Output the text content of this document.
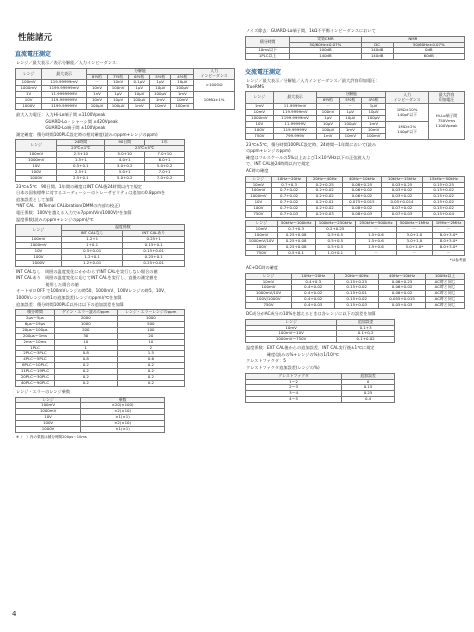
性能諸元
直流電圧測定
レンジ／最大表示／表示分解能／入力インピーダンス：
レンジ	最大表示	分解能					入力
インピーダンス
		8½桁	7½桁	6½桁	5½桁	4½桁	
100mV	119.99999mV	－	10nV	0.1μV	1μV	10μV	>100GΩ
1000mV	1199.99999mV	10nV	100nV	1μV	10μV	100μV	
1V	11.9999999V	1nV	1μV	10μV	100μV	1mV	10MΩ±1%
10V	119.999999V	10nV	10μV	100μV	1mV	10mV	
1000V	1199.99999V	100μV	100μV	1mV	10mV	100mV	
最大入力電圧：入力Hi-Lo端子間 ±1100Vpeak
　　　　　　　GUARD-Lo・シャーシ間 ±420Vpeak
　　　　　　　GUARD-Lo端子間 ±100Vpeak
測定確度：積分時間100PLC設定時の相対確度(読みのppm+レンジのppm)
レンジ	24時間	90日間	1年
	23℃±1℃	23℃±5℃	
100mV	2.5+10	5.0+10	7.0+10
1000mV	1.5+1	4.0+1	6.0+1
10V	0.5+0.1	3.0+0.2	5.0+0.2
100V	2.5+1	5.0+1	7.0+1
1000V	2.5+0.1	5.0+0.2	7.0+0.2
23℃±5℃　90日間、1年間の確度はINT CAL後24時間以内で規定
日本の国家標準に対するエーディーシーのトレーサビリティは追加の0.8ppmを
追加誤差として加算
*INT CAL　INTernal CALibration(DMMの内部の校正)
電圧係数：100Vを越える入力で±7ppm(Vin/1000V)²を加算
温度係数(読みのppm+レンジのppm)/℃
レンジ	温度係数	
	INT CALなし	INT CALあり
100mV	1.2+1	0.25+1
1000mV	1+0.1	0.15+0.1
10V	0.5+0.01	0.15+0.01
100V	1.2+0.1	0.25+0.1
1000V	1.2+0.01	0.25+0.01
INT CALなし　周囲の温度変化にかかわらずINT CALを実行しない場合の値
INT CALあり　周囲の温度変化に応じてINT CALを実行し、直後の測定値を
　　　　　　　使用した場合の値
オートゼロOFF で100mVレンジの時50、1000mV、100Vレンジの時5、10V、
1000Vレンジの時1の追加誤差(レンジのppm)/℃を加算
追加誤差：積分時間100PLC以外は以下の追加誤差を加算
積分時間	ゲイン・エラー読みのppm	レンジ・エラーレンジのppm
2μs～5μs	2000	1000
6μs～19μs	1000	500
20μs～100μs	200	100
200μs～1ms	30	20
2ms～10ms	10	10
1PLC	1	2
2PLC～3PLC	0.8	1.5
4PLC～5PLC	0.8	0.6
6PLC～10PLC	0.2	0.2
11PLC～19PLC	0.2	0.2
20PLC～30PLC	0.2	0.2
40PLC～90PLC	0.2	0.2
レンジ・エラーのレンジ乗数
レンジ	乗数
100mV	×20(×100)
1000mV	×2(×10)
10V	×1(×1)
100V	×2(×10)
1000V	×1(×1)
※（　）内の乗数は積分時間200μs～10ms
ノイズ除去：GUARD-Lo端子間、1kΩ不平衡インピーダンスにおいて
積分時間	実効CMR	NMR	
	50/60Hz±0.07%	DC	50/60Hz±0.07%
10ms以下	100dB	140dB	0dB
1PLC以上	140dB	140dB	60dB
交流電圧測定
レンジ／最大表示／分解能／入力インピーダンス／最大許容印加電圧：
TrueRMS
レンジ	最大表示	分解能			入力
インピーダンス	最大許容
印加電圧
		6½桁	5½桁	4½桁		
1mV	11.9999mV	－	－	1μV	1MΩ±10%
140pF以下	Hi-Lo端子間
750Vrms
1100Vpeak
10mV	119.9999mV	100nV	1μV	10μV		
1000mV	1199.9999mV	1μV	10μV	100μV		
10V	11.99999V	10μV	100μV	1mV	1MΩ±2%
140pF以下	
100V	119.99999V	100μV	1mV	10mV		
750V	799.999V	1mV	10mV	100mV		
23℃±5℃、積分時間100PLC設定時、24時間～1年間において(読み
のppm+レンジのppm)
確度はフルスケールの5%以上および1×10⁷VHz以下の正弦波入力
で、INT CAL後24時間以内で規定
AC時の確度
レンジ	10Hz～20Hz	20Hz～40Hz	40Hz～10kHz	10kHz～15kHz	15kHz～50kHz
10mV	0.7+0.3	0.2+0.25	0.08+0.25	0.03+0.25	0.15+0.25
100mV	0.7+0.02	0.2+0.02	0.06+0.02	0.03+0.02	0.15+0.02
1000mV	0.7+0.02	0.2+0.02	0.06+0.02	0.03+0.02	0.15+0.02
10V	0.7+0.02	0.2+0.01	0.075+0.015	0.05+0.014	0.15+0.02
100V	0.7+0.02	0.2+0.02	0.08+0.02	0.07+0.02	0.15+0.02
750V	0.7+0.03	0.2+0.03	0.08+0.03	0.07+0.03	0.15+0.04
レンジ	50kHz～100kHz	100kHz～250kHz	250kHz～500kHz	500kHz～1MHz	1MHz～2MHz
10mV	0.7+0.3	0.2+0.25	－	－	－
100mV	0.25+0.08	0.5+0.5	1.5+0.6	3.0+1.0	8.0+3.0*
1000mV/10V	0.25+0.08	0.5+0.5	1.5+0.6	3.0+1.0	8.0+3.0*
100V	0.25+0.08	0.5+0.5	1.5+0.6	5.0+1.0*	8.0+3.0*
750V	0.5+0.1	1.0+0.1	－	－	－
*は参考値
AC+DC時の確度
レンジ	10Hz～20Hz	20Hz～40Hz	40Hz～10kHz	100Hz以上
10mV	0.4+0.3	0.15+0.25	0.06+0.25	AC時と同じ
100mV	0.4+0.02	0.15+0.02	0.06+0.02	AC時と同じ
1000mV/10V	0.4+0.02	0.15+0.01	0.06+0.02	AC時と同じ
100V/1000V	0.4+0.02	0.15+0.02	0.055+0.015	AC時と同じ
750V	0.4+0.03	0.15+0.03	0.05+0.03	AC時と同じ
DC成分がAC成分の10%を越えるときは各レンジに以下の誤差を加算
レンジ	追加誤差
10mV	0.1+3
100mV～10V	0.1+0.2
1000mV～750V	0.1+0.02
温度係数：EXT CAL後からの追加誤差、INT CAL実行後±1℃に規定
　　　　　確度(読みの%+レンジの%)の1/10/℃
クレストファクタ：5
クレストファクタ追加誤差(レンジの%)
クレストファクタ	追加誤差
1～2	0
2～3	0.15
3～4	0.25
4～5	0.4
4
